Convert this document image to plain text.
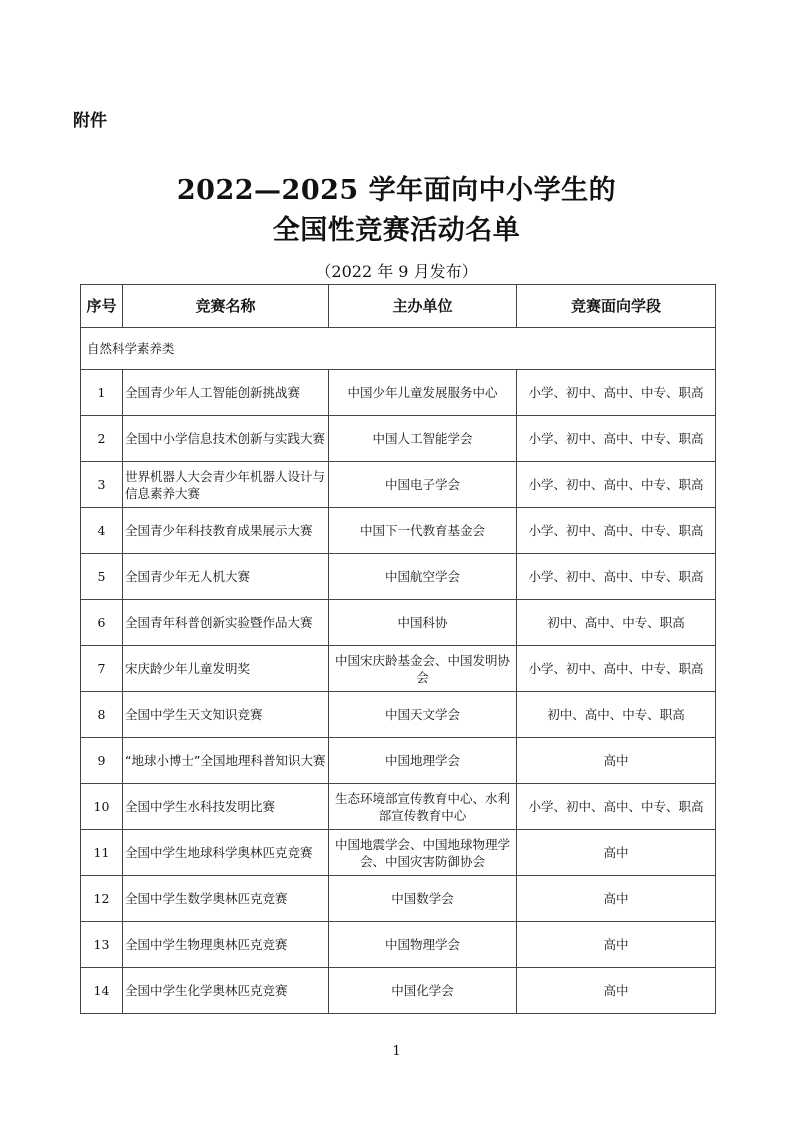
附件
2022—2025 学年面向中小学生的
全国性竞赛活动名单
（2022 年 9 月发布）
序号	竞赛名称	主办单位	竞赛面向学段
自然科学素养类			
1	全国青少年人工智能创新挑战赛	中国少年儿童发展服务中心	小学、初中、高中、中专、职高
2	全国中小学信息技术创新与实践大赛	中国人工智能学会	小学、初中、高中、中专、职高
3	世界机器人大会青少年机器人设计与信息素养大赛	中国电子学会	小学、初中、高中、中专、职高
4	全国青少年科技教育成果展示大赛	中国下一代教育基金会	小学、初中、高中、中专、职高
5	全国青少年无人机大赛	中国航空学会	小学、初中、高中、中专、职高
6	全国青年科普创新实验暨作品大赛	中国科协	初中、高中、中专、职高
7	宋庆龄少年儿童发明奖	中国宋庆龄基金会、中国发明协会	小学、初中、高中、中专、职高
8	全国中学生天文知识竞赛	中国天文学会	初中、高中、中专、职高
9	“地球小博士”全国地理科普知识大赛	中国地理学会	高中
10	全国中学生水科技发明比赛	生态环境部宣传教育中心、水利部宣传教育中心	小学、初中、高中、中专、职高
11	全国中学生地球科学奥林匹克竞赛	中国地震学会、中国地球物理学会、中国灾害防御协会	高中
12	全国中学生数学奥林匹克竞赛	中国数学会	高中
13	全国中学生物理奥林匹克竞赛	中国物理学会	高中
14	全国中学生化学奥林匹克竞赛	中国化学会	高中
1
